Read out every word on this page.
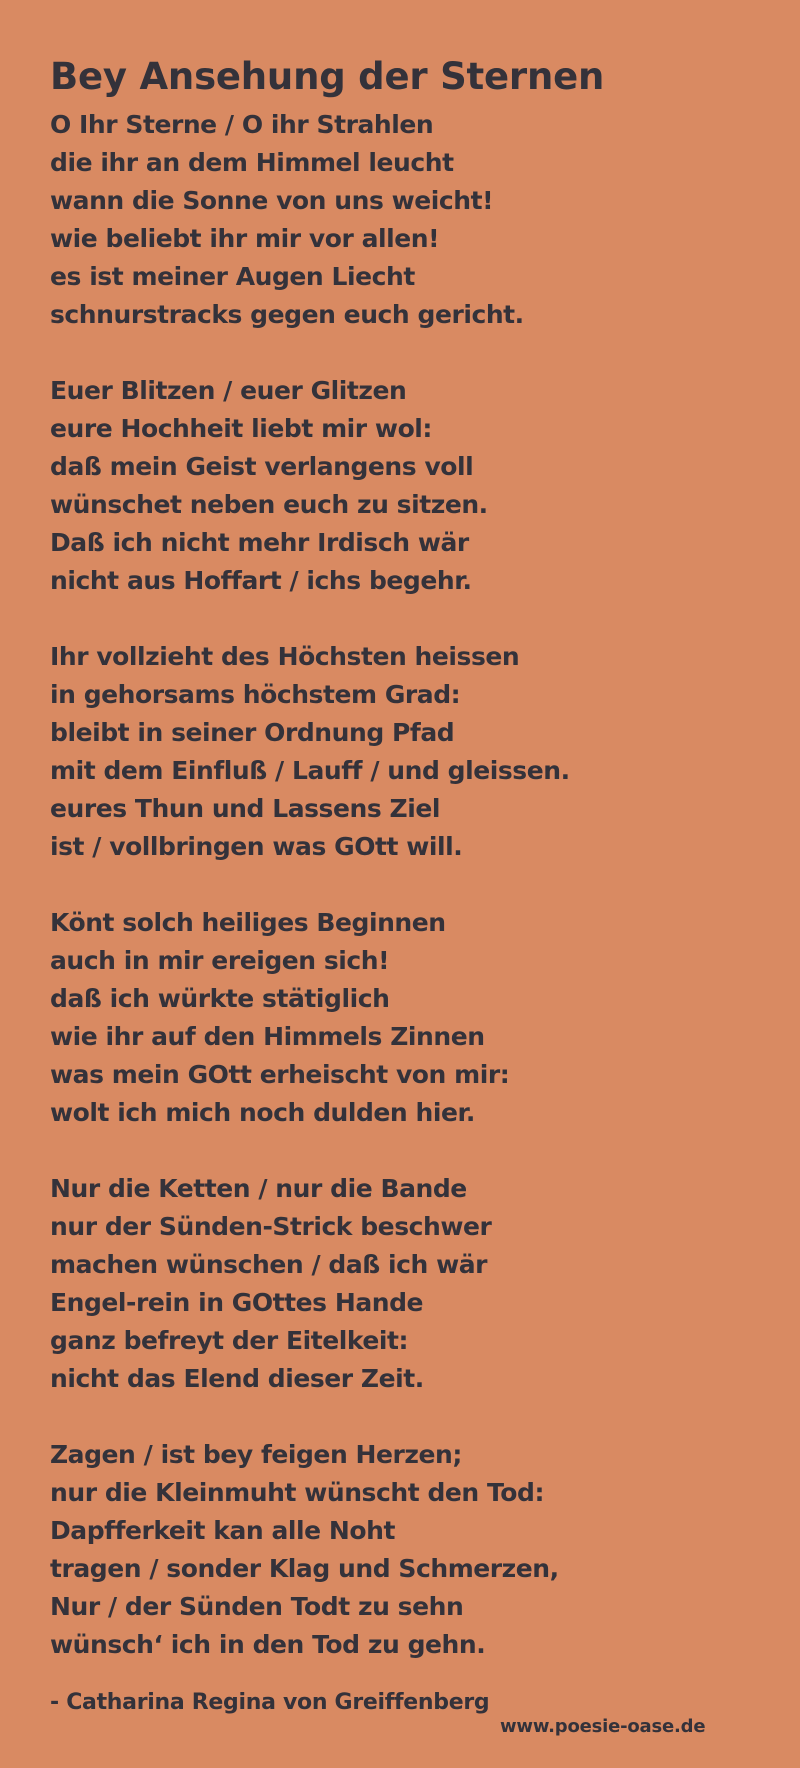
Bey Ansehung der Sternen
O Ihr Sterne / O ihr Strahlen
die ihr an dem Himmel leucht
wann die Sonne von uns weicht!
wie beliebt ihr mir vor allen!
es ist meiner Augen Liecht
schnurstracks gegen euch gericht.
Euer Blitzen / euer Glitzen
eure Hochheit liebt mir wol:
daß mein Geist verlangens voll
wünschet neben euch zu sitzen.
Daß ich nicht mehr Irdisch wär
nicht aus Hoffart / ichs begehr.
Ihr vollzieht des Höchsten heissen
in gehorsams höchstem Grad:
bleibt in seiner Ordnung Pfad
mit dem Einfluß / Lauff / und gleissen.
eures Thun und Lassens Ziel
ist / vollbringen was GOtt will.
Könt solch heiliges Beginnen
auch in mir ereigen sich!
daß ich würkte stätiglich
wie ihr auf den Himmels Zinnen
was mein GOtt erheischt von mir:
wolt ich mich noch dulden hier.
Nur die Ketten / nur die Bande
nur der Sünden-Strick beschwer
machen wünschen / daß ich wär
Engel-rein in GOttes Hande
ganz befreyt der Eitelkeit:
nicht das Elend dieser Zeit.
Zagen / ist bey feigen Herzen;
nur die Kleinmuht wünscht den Tod:
Dapfferkeit kan alle Noht
tragen / sonder Klag und Schmerzen,
Nur / der Sünden Todt zu sehn
wünsch‘ ich in den Tod zu gehn.
- Catharina Regina von Greiffenberg
www.poesie-oase.de
